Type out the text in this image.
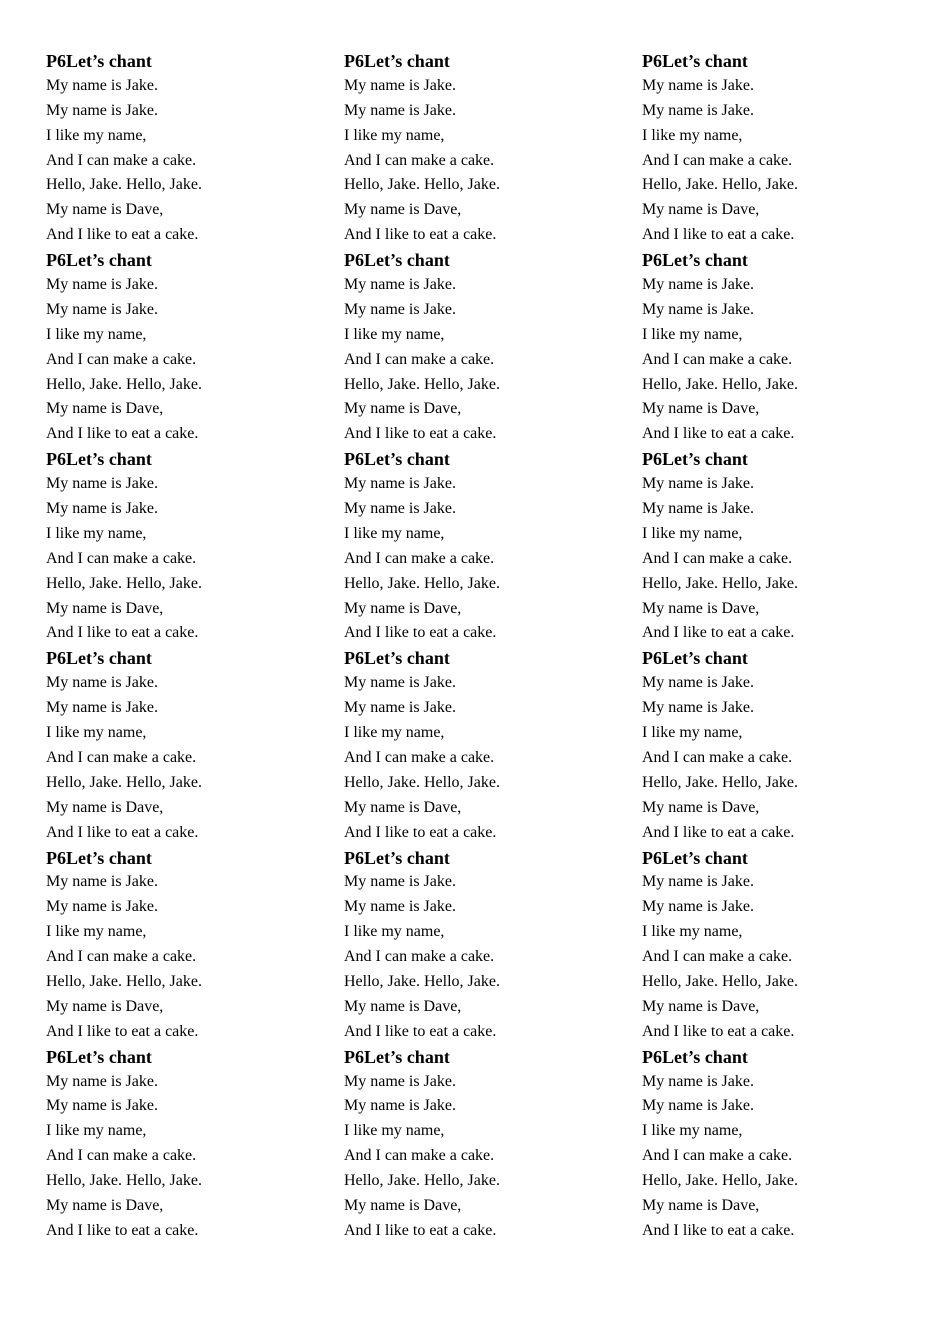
P6Let’s chant
My name is Jake.
My name is Jake.
I like my name,
And I can make a cake.
Hello, Jake. Hello, Jake.
My name is Dave,
And I like to eat a cake.
P6Let’s chant
My name is Jake.
My name is Jake.
I like my name,
And I can make a cake.
Hello, Jake. Hello, Jake.
My name is Dave,
And I like to eat a cake.
P6Let’s chant
My name is Jake.
My name is Jake.
I like my name,
And I can make a cake.
Hello, Jake. Hello, Jake.
My name is Dave,
And I like to eat a cake.
P6Let’s chant
My name is Jake.
My name is Jake.
I like my name,
And I can make a cake.
Hello, Jake. Hello, Jake.
My name is Dave,
And I like to eat a cake.
P6Let’s chant
My name is Jake.
My name is Jake.
I like my name,
And I can make a cake.
Hello, Jake. Hello, Jake.
My name is Dave,
And I like to eat a cake.
P6Let’s chant
My name is Jake.
My name is Jake.
I like my name,
And I can make a cake.
Hello, Jake. Hello, Jake.
My name is Dave,
And I like to eat a cake.
P6Let’s chant
My name is Jake.
My name is Jake.
I like my name,
And I can make a cake.
Hello, Jake. Hello, Jake.
My name is Dave,
And I like to eat a cake.
P6Let’s chant
My name is Jake.
My name is Jake.
I like my name,
And I can make a cake.
Hello, Jake. Hello, Jake.
My name is Dave,
And I like to eat a cake.
P6Let’s chant
My name is Jake.
My name is Jake.
I like my name,
And I can make a cake.
Hello, Jake. Hello, Jake.
My name is Dave,
And I like to eat a cake.
P6Let’s chant
My name is Jake.
My name is Jake.
I like my name,
And I can make a cake.
Hello, Jake. Hello, Jake.
My name is Dave,
And I like to eat a cake.
P6Let’s chant
My name is Jake.
My name is Jake.
I like my name,
And I can make a cake.
Hello, Jake. Hello, Jake.
My name is Dave,
And I like to eat a cake.
P6Let’s chant
My name is Jake.
My name is Jake.
I like my name,
And I can make a cake.
Hello, Jake. Hello, Jake.
My name is Dave,
And I like to eat a cake.
P6Let’s chant
My name is Jake.
My name is Jake.
I like my name,
And I can make a cake.
Hello, Jake. Hello, Jake.
My name is Dave,
And I like to eat a cake.
P6Let’s chant
My name is Jake.
My name is Jake.
I like my name,
And I can make a cake.
Hello, Jake. Hello, Jake.
My name is Dave,
And I like to eat a cake.
P6Let’s chant
My name is Jake.
My name is Jake.
I like my name,
And I can make a cake.
Hello, Jake. Hello, Jake.
My name is Dave,
And I like to eat a cake.
P6Let’s chant
My name is Jake.
My name is Jake.
I like my name,
And I can make a cake.
Hello, Jake. Hello, Jake.
My name is Dave,
And I like to eat a cake.
P6Let’s chant
My name is Jake.
My name is Jake.
I like my name,
And I can make a cake.
Hello, Jake. Hello, Jake.
My name is Dave,
And I like to eat a cake.
P6Let’s chant
My name is Jake.
My name is Jake.
I like my name,
And I can make a cake.
Hello, Jake. Hello, Jake.
My name is Dave,
And I like to eat a cake.
